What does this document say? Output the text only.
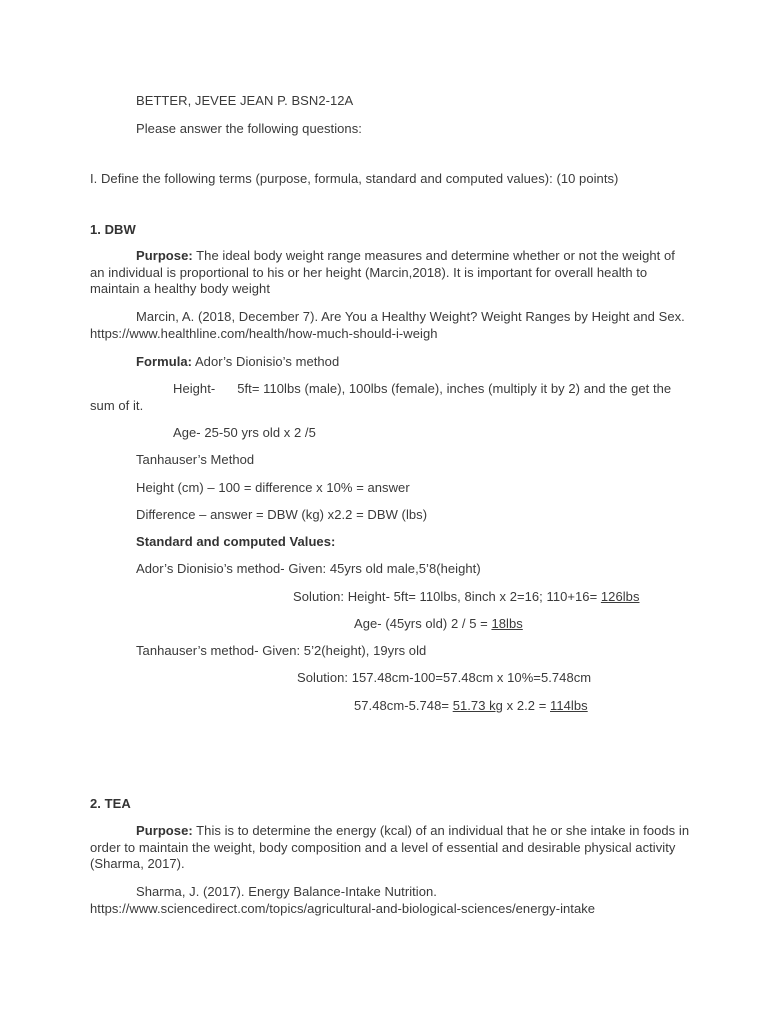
BETTER, JEVEE JEAN P. BSN2-12A
Please answer the following questions:
I. Define the following terms (purpose, formula, standard and computed values): (10 points)
1. DBW
Purpose: The ideal body weight range measures and determine whether or not the weight of an individual is proportional to his or her height (Marcin,2018). It is important for overall health to maintain a healthy body weight
Marcin, A. (2018, December 7). Are You a Healthy Weight? Weight Ranges by Height and Sex. https://www.healthline.com/health/how-much-should-i-weigh
Formula: Ador’s Dionisio’s method
Height-      5ft= 110lbs (male), 100lbs (female), inches (multiply it by 2) and the get the sum of it.
Age- 25-50 yrs old x 2 /5
Tanhauser’s Method
Height (cm) – 100 = difference x 10% = answer
Difference – answer = DBW (kg) x2.2 = DBW (lbs)
Standard and computed Values:
Ador’s Dionisio’s method- Given: 45yrs old male,5’8(height)
Solution: Height- 5ft= 110lbs, 8inch x 2=16; 110+16= 126lbs
Age- (45yrs old) 2 / 5 = 18lbs
Tanhauser’s method- Given: 5’2(height), 19yrs old
Solution: 157.48cm-100=57.48cm x 10%=5.748cm
57.48cm-5.748= 51.73 kg x 2.2 = 114lbs
2. TEA
Purpose: This is to determine the energy (kcal) of an individual that he or she intake in foods in order to maintain the weight, body composition and a level of essential and desirable physical activity (Sharma, 2017).
Sharma, J. (2017). Energy Balance-Intake Nutrition. https://www.sciencedirect.com/topics/agricultural-and-biological-sciences/energy-intake
